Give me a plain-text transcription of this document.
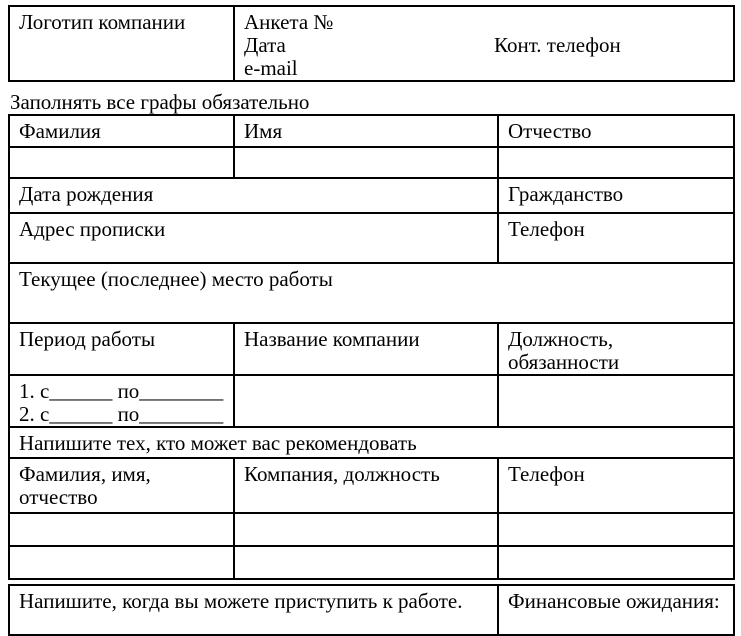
Логотип компании	Анкета №
Дата	Конт. телефон
e-mail
Заполнять все графы обязательно
Фамилия	Имя	Отчество

Дата рождения		Гражданство
Адрес прописки		Телефон
Текущее (последнее) место работы		
Период работы	Название компании	Должность,
обязанности

1. с______ по________
2. с______ по________		

Напишите тех, кто может вас рекомендовать		

Фамилия, имя,
отчество	Компания, должность	Телефон

Напишите, когда вы можете приступить к работе.	Финансовые ожидания:
